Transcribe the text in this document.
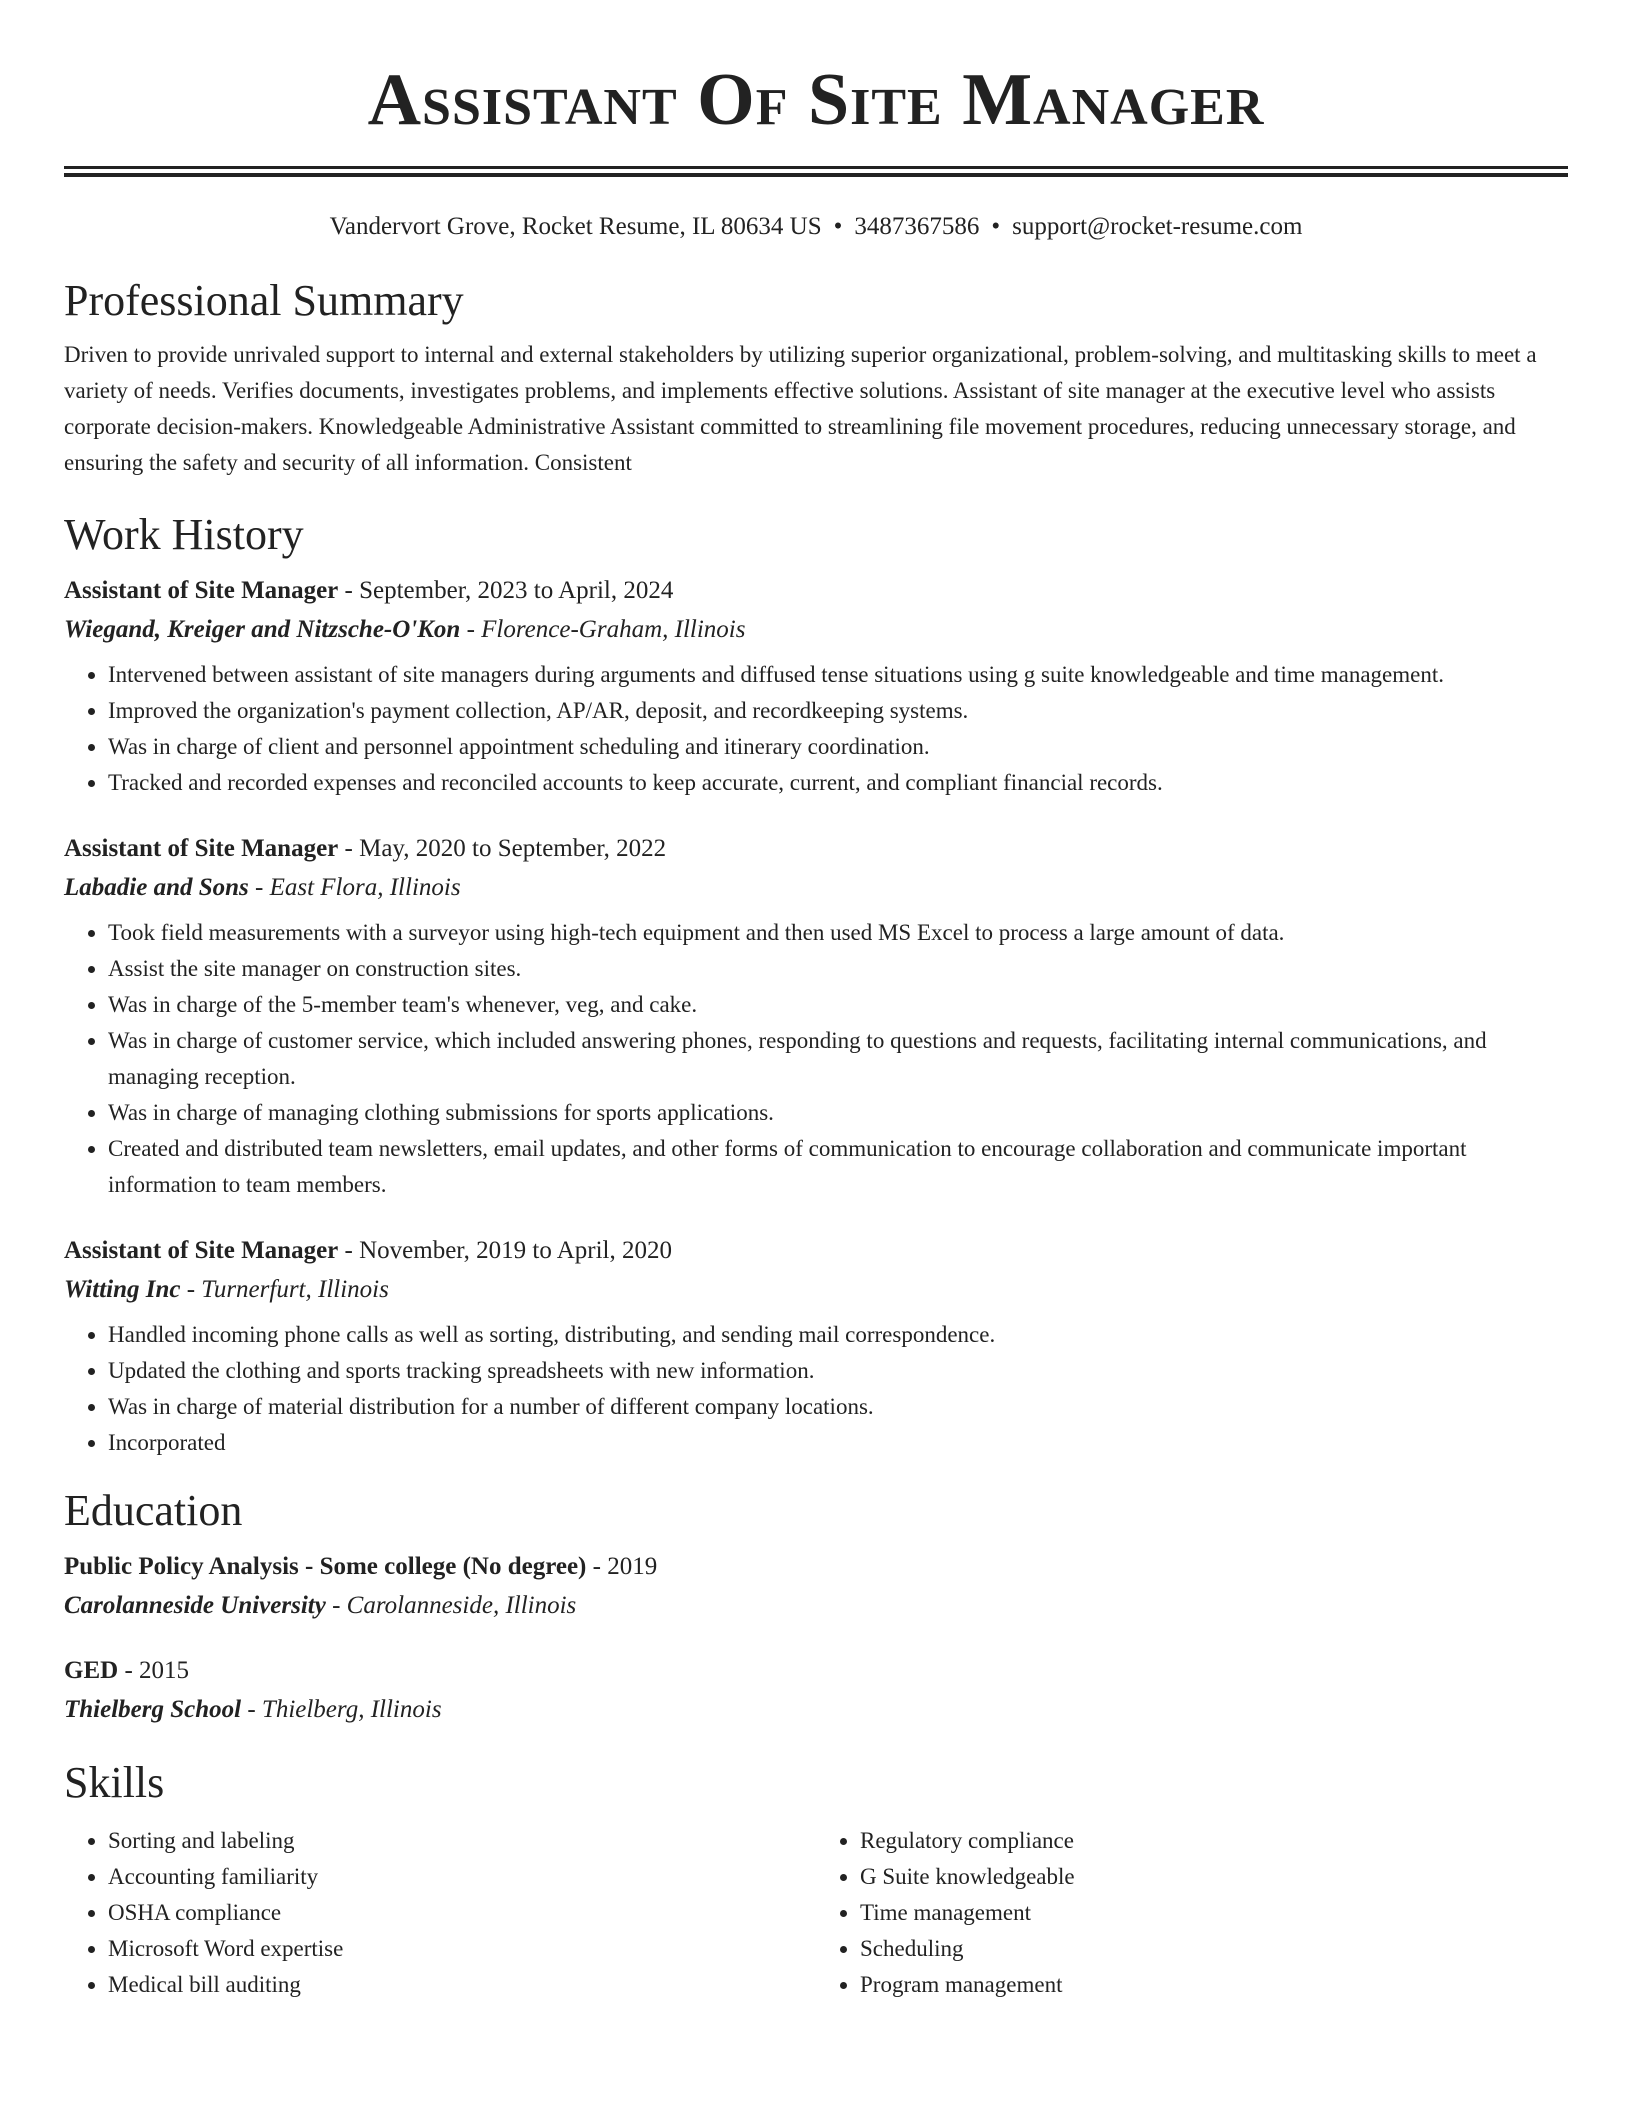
Assistant Of Site Manager
Vandervort Grove, Rocket Resume, IL 80634 US • 3487367586 • support@rocket-resume.com
Professional Summary

Driven to provide unrivaled support to internal and external stakeholders by utilizing superior organizational, problem-solving, and multitasking skills to meet a variety of needs. Verifies documents, investigates problems, and implements effective solutions. Assistant of site manager at the executive level who assists corporate decision-makers. Knowledgeable Administrative Assistant committed to streamlining file movement procedures, reducing unnecessary storage, and ensuring the safety and security of all information. Consistent

Work History
Assistant of Site Manager - September, 2023 to April, 2024
Wiegand, Kreiger and Nitzsche-O'Kon - Florence-Graham, Illinois
• Intervened between assistant of site managers during arguments and diffused tense situations using g suite knowledgeable and time management.
• Improved the organization's payment collection, AP/AR, deposit, and recordkeeping systems.
• Was in charge of client and personnel appointment scheduling and itinerary coordination.
• Tracked and recorded expenses and reconciled accounts to keep accurate, current, and compliant financial records.
Assistant of Site Manager - May, 2020 to September, 2022
Labadie and Sons - East Flora, Illinois
• Took field measurements with a surveyor using high-tech equipment and then used MS Excel to process a large amount of data.
• Assist the site manager on construction sites.
• Was in charge of the 5-member team's whenever, veg, and cake.
• Was in charge of customer service, which included answering phones, responding to questions and requests, facilitating internal communications, and managing reception.
• Was in charge of managing clothing submissions for sports applications.
• Created and distributed team newsletters, email updates, and other forms of communication to encourage collaboration and communicate important information to team members.
Assistant of Site Manager - November, 2019 to April, 2020
Witting Inc - Turnerfurt, Illinois
• Handled incoming phone calls as well as sorting, distributing, and sending mail correspondence.
• Updated the clothing and sports tracking spreadsheets with new information.
• Was in charge of material distribution for a number of different company locations.
• Incorporated
Education
Public Policy Analysis - Some college (No degree) - 2019
Carolanneside University - Carolanneside, Illinois
GED - 2015
Thielberg School - Thielberg, Illinois
Skills
• Sorting and labeling
• Accounting familiarity
• OSHA compliance
• Microsoft Word expertise
• Medical bill auditing
• Regulatory compliance
• G Suite knowledgeable
• Time management
• Scheduling
• Program management
